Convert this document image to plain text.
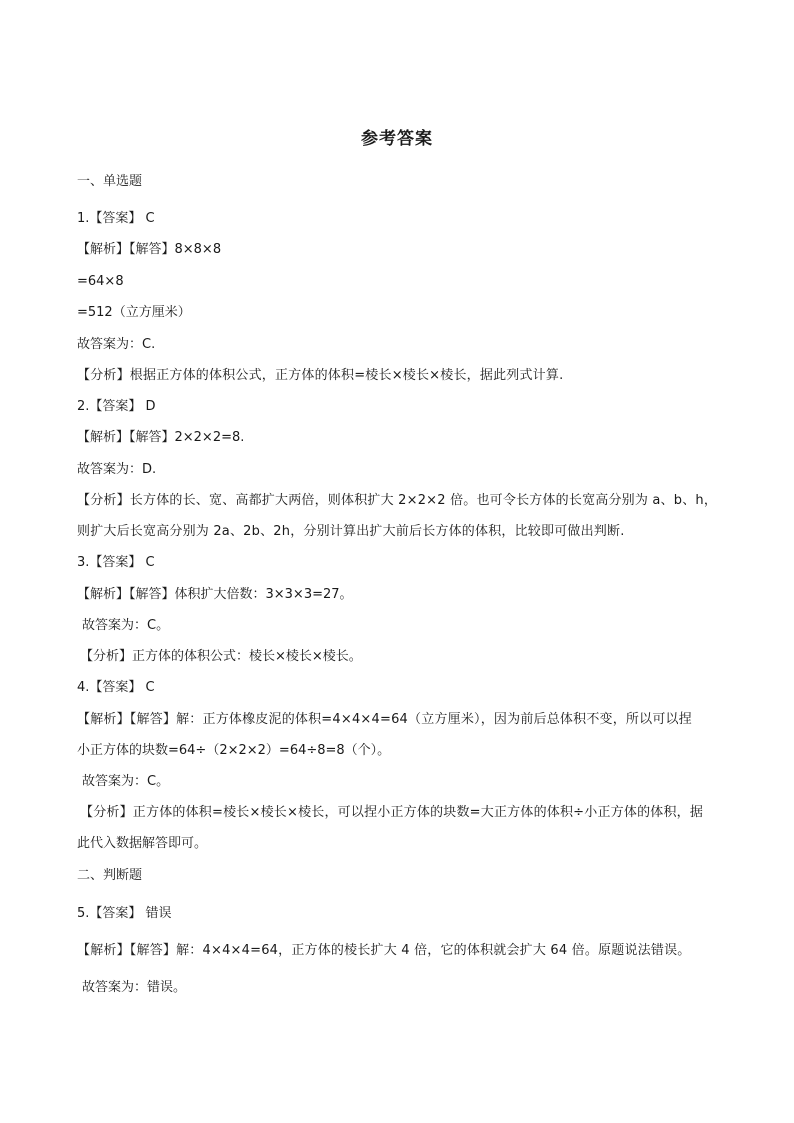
参考答案
一、单选题
1.【答案】 C
【解析】【解答】8×8×8
=64×8
=512（立方厘米）
故答案为：C.
【分析】根据正方体的体积公式，正方体的体积=棱长×棱长×棱长，据此列式计算.
2.【答案】 D
【解析】【解答】2×2×2=8.
故答案为：D.
【分析】长方体的长、宽、高都扩大两倍，则体积扩大 2×2×2 倍。也可令长方体的长宽高分别为 a、b、h，
则扩大后长宽高分别为 2a、2b、2h，分别计算出扩大前后长方体的体积，比较即可做出判断.
3.【答案】 C
【解析】【解答】体积扩大倍数：3×3×3=27。
故答案为：C。
【分析】正方体的体积公式：棱长×棱长×棱长。
4.【答案】 C
【解析】【解答】解：正方体橡皮泥的体积=4×4×4=64（立方厘米），因为前后总体积不变，所以可以捏
小正方体的块数=64÷（2×2×2）=64÷8=8（个）。
故答案为：C。
【分析】正方体的体积=棱长×棱长×棱长，可以捏小正方体的块数=大正方体的体积÷小正方体的体积，据
此代入数据解答即可。
二、判断题
5.【答案】 错误
【解析】【解答】解：4×4×4=64，正方体的棱长扩大 4 倍，它的体积就会扩大 64 倍。原题说法错误。
故答案为：错误。
